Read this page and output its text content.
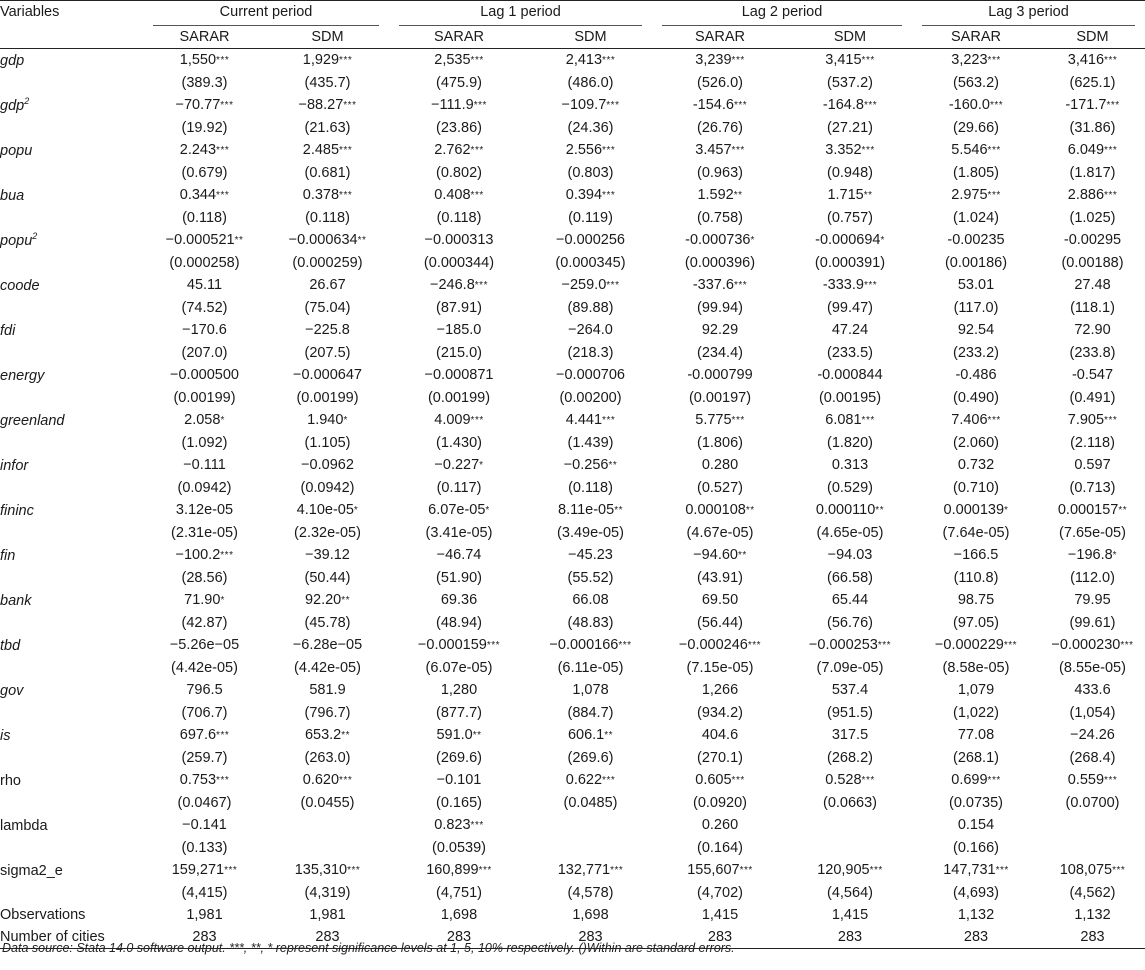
Variables	Current period		Lag 1 period		Lag 2 period		Lag 3 period	

	SARAR	SDM	SARAR	SDM	SARAR	SDM	SARAR	SDM
gdp	1,550***	1,929***	2,535***	2,413***	3,239***	3,415***	3,223***	3,416***
	(389.3)	(435.7)	(475.9)	(486.0)	(526.0)	(537.2)	(563.2)	(625.1)
gdp$^2$	−70.77***	−88.27***	−111.9***	−109.7***	-154.6***	-164.8***	-160.0***	-171.7***
	(19.92)	(21.63)	(23.86)	(24.36)	(26.76)	(27.21)	(29.66)	(31.86)
popu	2.243***	2.485***	2.762***	2.556***	3.457***	3.352***	5.546***	6.049***
	(0.679)	(0.681)	(0.802)	(0.803)	(0.963)	(0.948)	(1.805)	(1.817)
bua	0.344***	0.378***	0.408***	0.394***	1.592**	1.715**	2.975***	2.886***
	(0.118)	(0.118)	(0.118)	(0.119)	(0.758)	(0.757)	(1.024)	(1.025)
popu$^2$	−0.000521**	−0.000634**	−0.000313	−0.000256	-0.000736*	-0.000694*	-0.00235	-0.00295
	(0.000258)	(0.000259)	(0.000344)	(0.000345)	(0.000396)	(0.000391)	(0.00186)	(0.00188)
coode	45.11	26.67	−246.8***	−259.0***	-337.6***	-333.9***	53.01	27.48
	(74.52)	(75.04)	(87.91)	(89.88)	(99.94)	(99.47)	(117.0)	(118.1)
fdi	−170.6	−225.8	−185.0	−264.0	92.29	47.24	92.54	72.90
	(207.0)	(207.5)	(215.0)	(218.3)	(234.4)	(233.5)	(233.2)	(233.8)
energy	−0.000500	−0.000647	−0.000871	−0.000706	-0.000799	-0.000844	-0.486	-0.547
	(0.00199)	(0.00199)	(0.00199)	(0.00200)	(0.00197)	(0.00195)	(0.490)	(0.491)
greenland	2.058*	1.940*	4.009***	4.441***	5.775***	6.081***	7.406***	7.905***
	(1.092)	(1.105)	(1.430)	(1.439)	(1.806)	(1.820)	(2.060)	(2.118)
infor	−0.111	−0.0962	−0.227*	−0.256**	0.280	0.313	0.732	0.597
	(0.0942)	(0.0942)	(0.117)	(0.118)	(0.527)	(0.529)	(0.710)	(0.713)
fininc	3.12e-05	4.10e-05*	6.07e-05*	8.11e-05**	0.000108**	0.000110**	0.000139*	0.000157**
	(2.31e-05)	(2.32e-05)	(3.41e-05)	(3.49e-05)	(4.67e-05)	(4.65e-05)	(7.64e-05)	(7.65e-05)
fin	−100.2***	−39.12	−46.74	−45.23	−94.60**	−94.03	−166.5	−196.8*
	(28.56)	(50.44)	(51.90)	(55.52)	(43.91)	(66.58)	(110.8)	(112.0)
bank	71.90*	92.20**	69.36	66.08	69.50	65.44	98.75	79.95
	(42.87)	(45.78)	(48.94)	(48.83)	(56.44)	(56.76)	(97.05)	(99.61)
tbd	−5.26e−05	−6.28e−05	−0.000159***	−0.000166***	−0.000246***	−0.000253***	−0.000229***	−0.000230***
	(4.42e-05)	(4.42e-05)	(6.07e-05)	(6.11e-05)	(7.15e-05)	(7.09e-05)	(8.58e-05)	(8.55e-05)
gov	796.5	581.9	1,280	1,078	1,266	537.4	1,079	433.6
	(706.7)	(796.7)	(877.7)	(884.7)	(934.2)	(951.5)	(1,022)	(1,054)
is	697.6***	653.2**	591.0**	606.1**	404.6	317.5	77.08	−24.26
	(259.7)	(263.0)	(269.6)	(269.6)	(270.1)	(268.2)	(268.1)	(268.4)
rho	0.753***	0.620***	−0.101	0.622***	0.605***	0.528***	0.699***	0.559***
	(0.0467)	(0.0455)	(0.165)	(0.0485)	(0.0920)	(0.0663)	(0.0735)	(0.0700)
lambda	−0.141		0.823***		0.260		0.154	
	(0.133)		(0.0539)		(0.164)		(0.166)	
sigma2_e	159,271***	135,310***	160,899***	132,771***	155,607***	120,905***	147,731***	108,075***
	(4,415)	(4,319)	(4,751)	(4,578)	(4,702)	(4,564)	(4,693)	(4,562)
Observations	1,981	1,981	1,698	1,698	1,415	1,415	1,132	1,132
Number of cities	283	283	283	283	283	283	283	283
Data source: Stata 14.0 software output. ***, **, * represent significance levels at 1, 5, 10% respectively. ()Within are standard errors.
